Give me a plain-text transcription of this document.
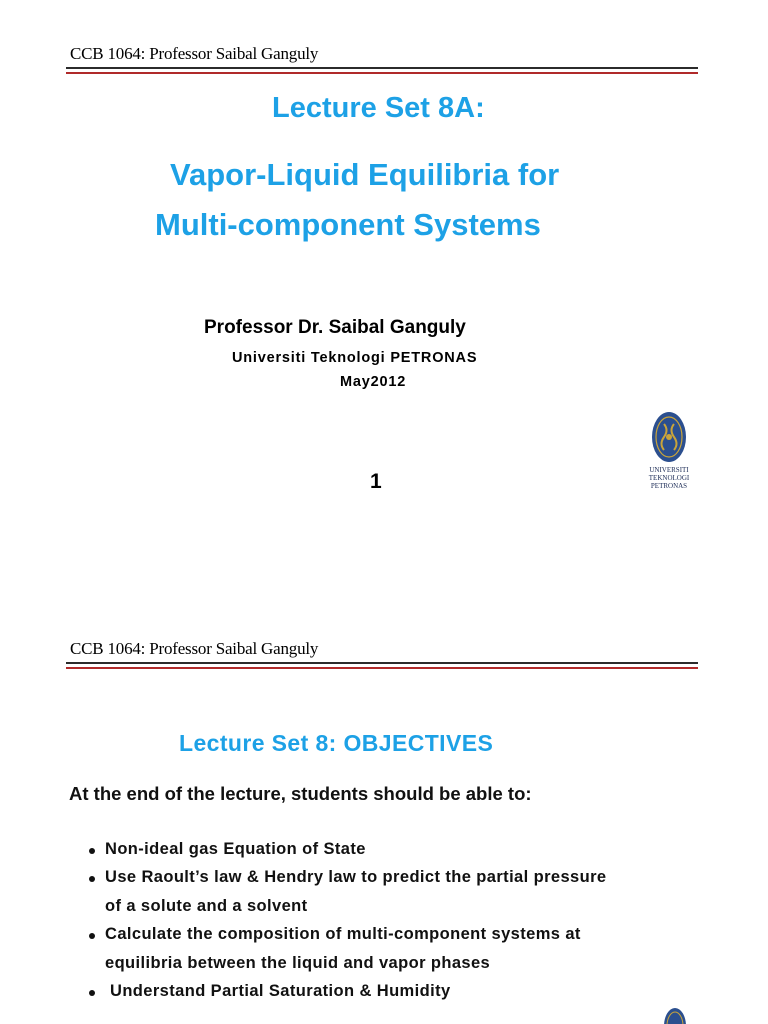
CCB 1064: Professor Saibal Ganguly
Lecture Set 8A:
Vapor-Liquid Equilibria for
Multi-component Systems
Professor Dr. Saibal Ganguly
Universiti Teknologi PETRONAS
May2012
1	UNIVERSITI
TEKNOLOGI
PETRONAS
CCB 1064: Professor Saibal Ganguly
Lecture Set 8: OBJECTIVES
At the end of the lecture, students should be able to:
Non-ideal gas Equation of State
Use Raoult’s law & Hendry law to predict the partial pressure
of a solute and a solvent
Calculate the composition of multi-component systems at
equilibria between the liquid and vapor phases
Understand Partial Saturation & Humidity
